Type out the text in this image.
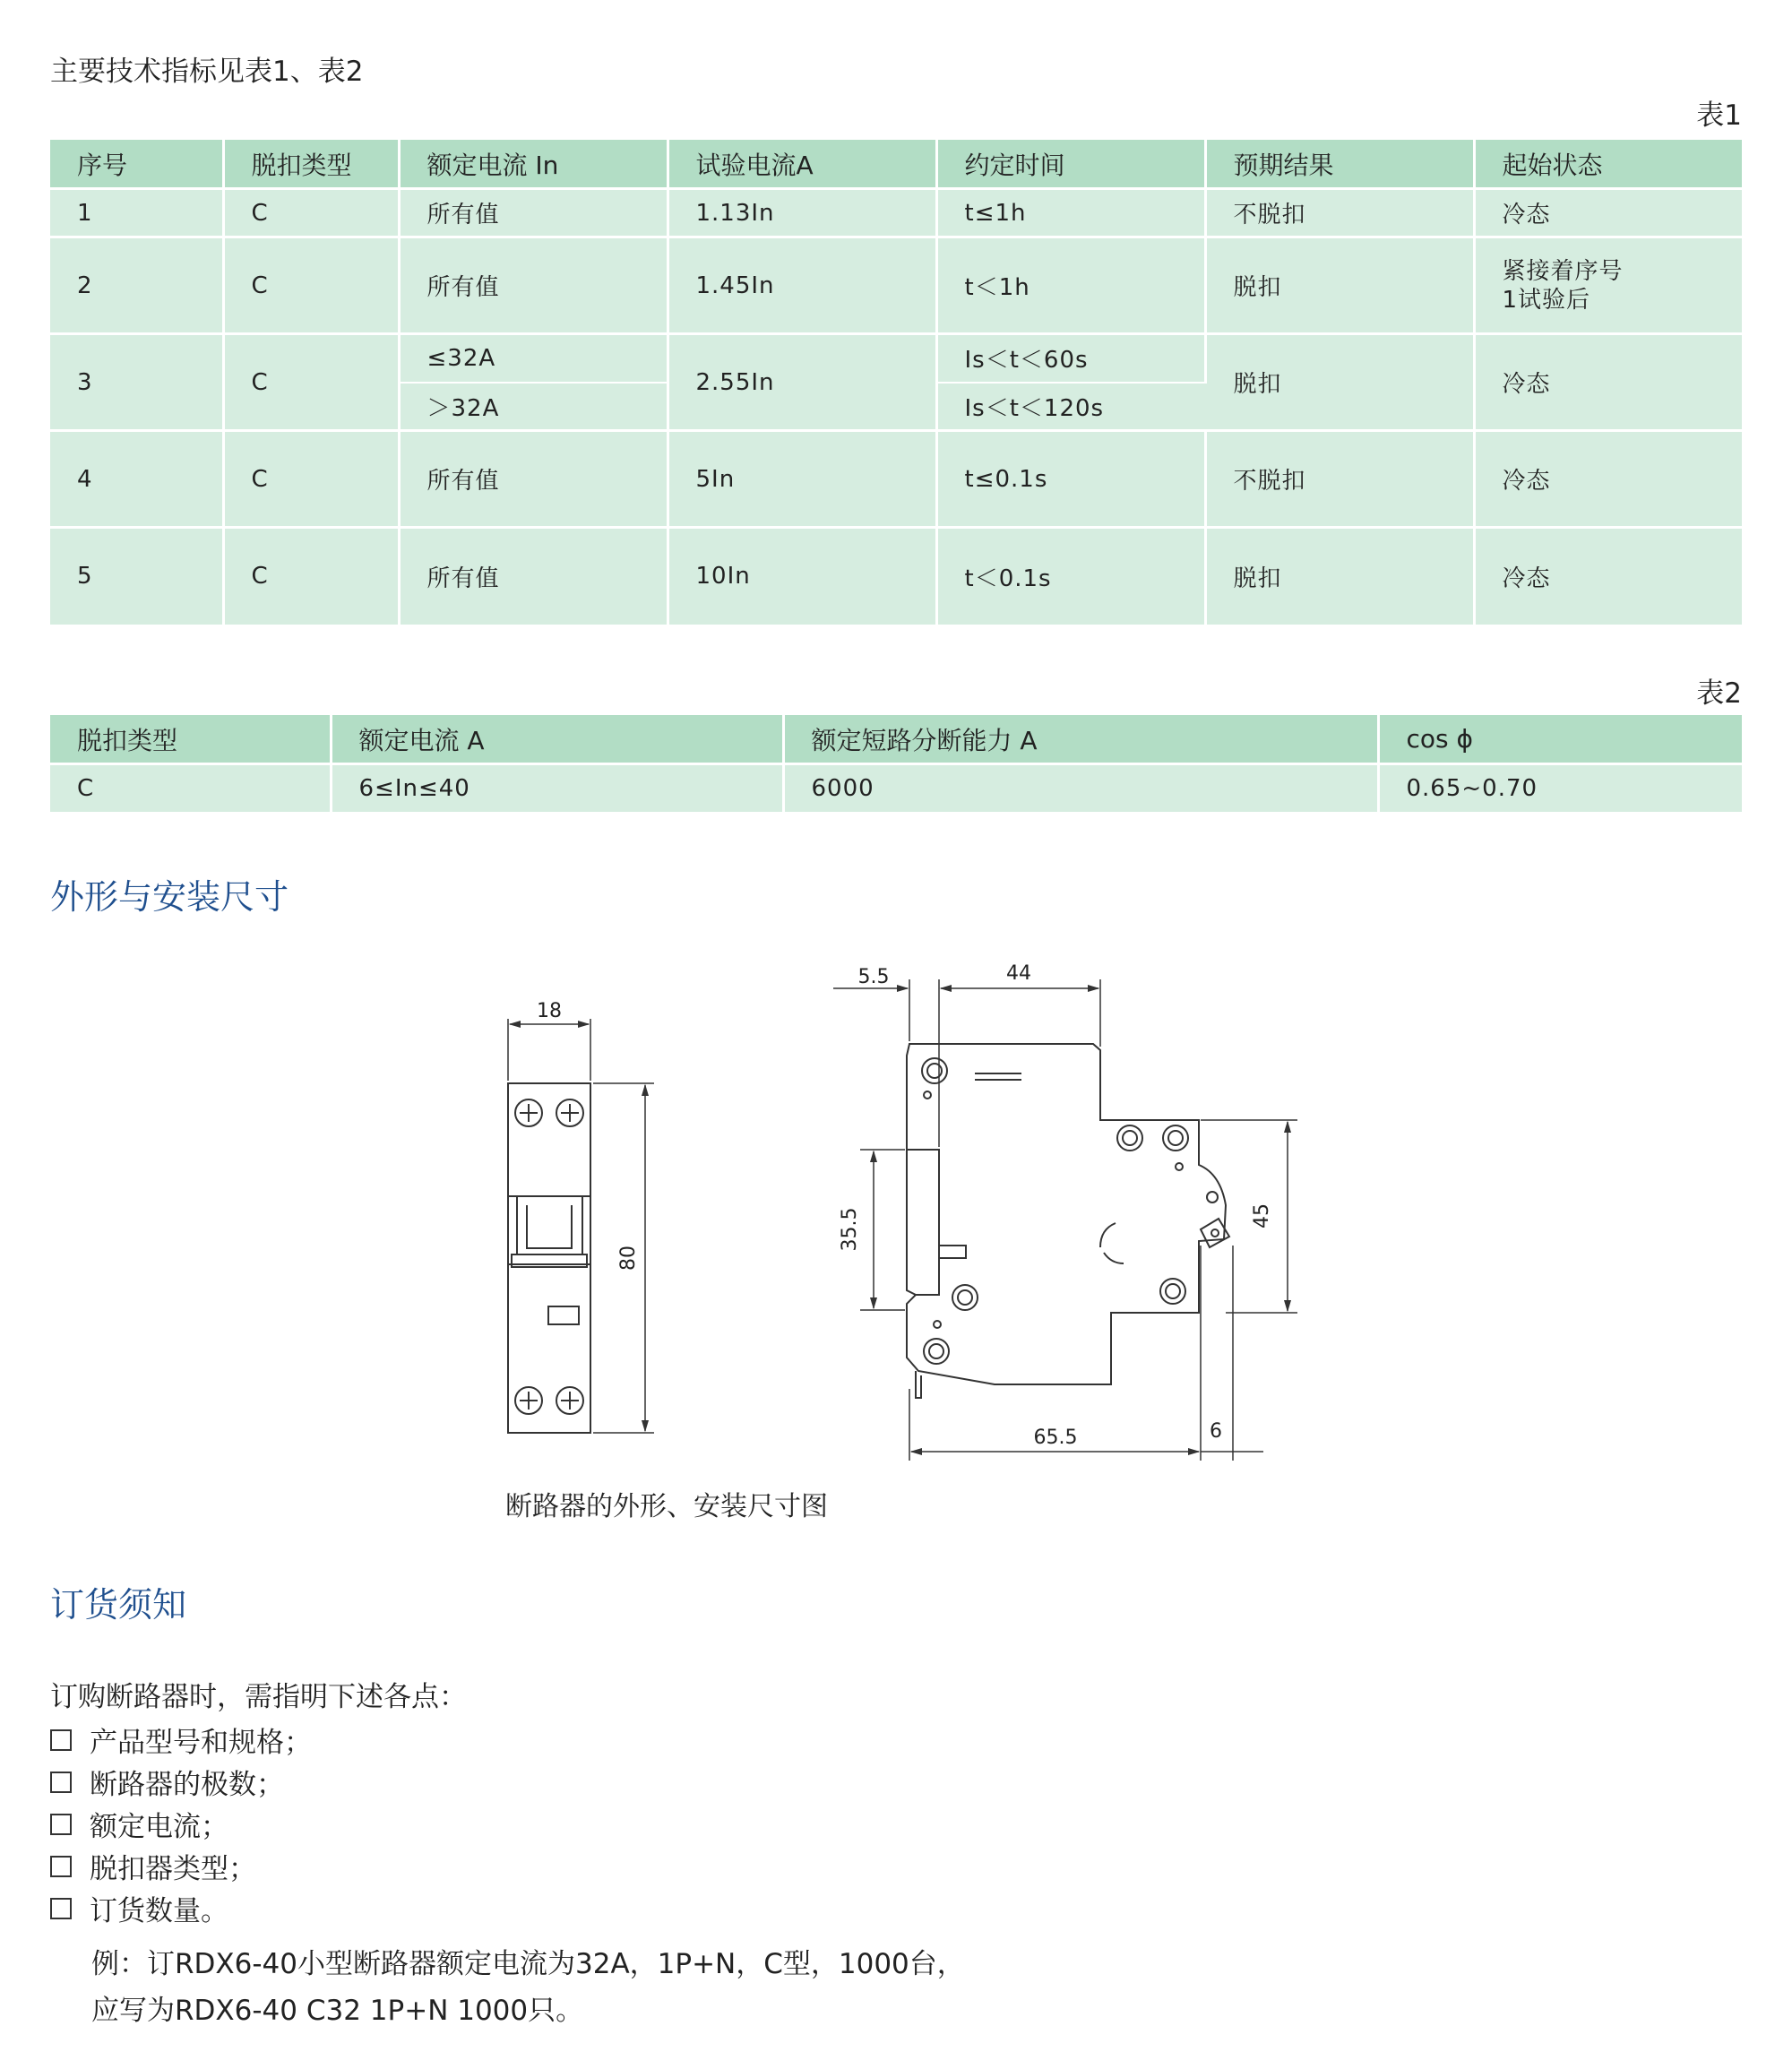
主要技术指标见表1、表2
表1
序号	脱扣类型	额定电流 In	试验电流A	约定时间	预期结果	起始状态
1	C	所有值	1.13In	t≤1h	不脱扣	冷态
2	C	所有值	1.45In	t＜1h	脱扣	紧接着序号
1试验后

3	C	≤32A	2.55In	Is＜t＜60s	脱扣	冷态
		＞32A		Is＜t＜120s		
4	C	所有值	5In	t≤0.1s	不脱扣	冷态
5	C	所有值	10In	t＜0.1s	脱扣	冷态
表2
脱扣类型	额定电流 A	额定短路分断能力 A	cos ϕ
C	6≤In≤40	6000	0.65~0.70
外形与安装尺寸
18
80
5.5	44
35.5	45
65.5	6
断路器的外形、安装尺寸图
订货须知
订购断路器时，需指明下述各点：
产品型号和规格；
断路器的极数；
额定电流；
脱扣器类型；
订货数量。
例：订RDX6-40小型断路器额定电流为32A，1P+N，C型，1000台，
应写为RDX6-40 C32 1P+N 1000只。
